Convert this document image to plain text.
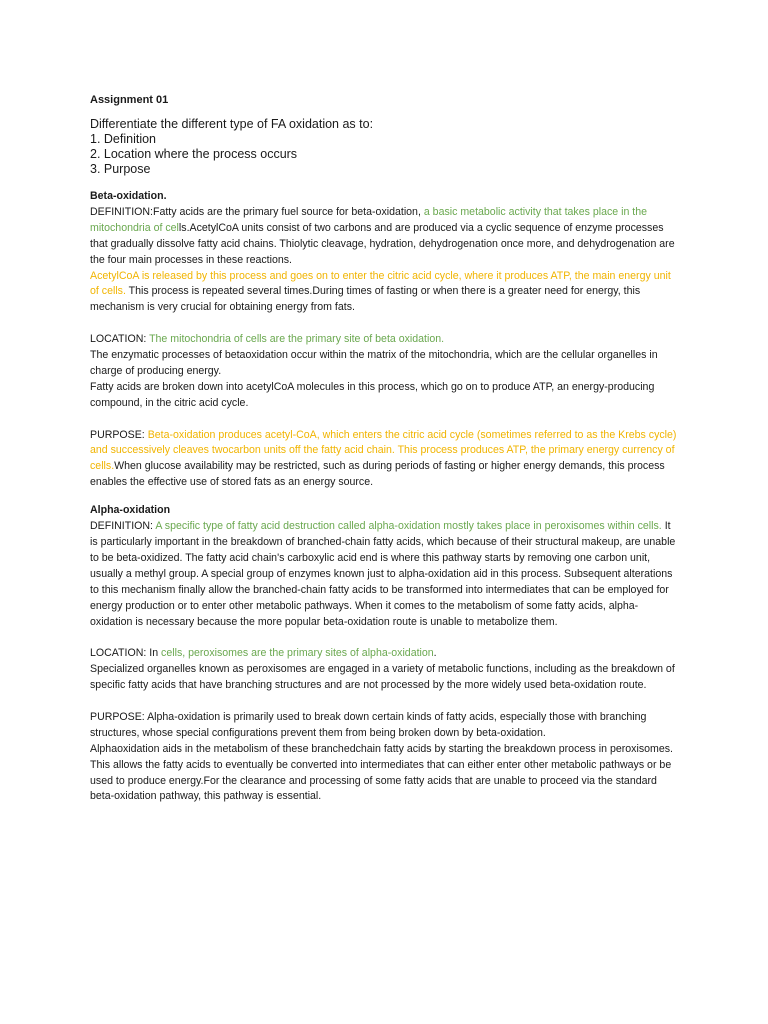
Assignment 01
Differentiate the different type of FA oxidation as to:
1. Definition
2. Location where the process occurs
3. Purpose
Beta-oxidation.
DEFINITION:Fatty acids are the primary fuel source for beta-oxidation, a basic metabolic activity that takes place in the mitochondria of cells.AcetylCoA units consist of two carbons and are produced via a cyclic sequence of enzyme processes that gradually dissolve fatty acid chains. Thiolytic cleavage, hydration, dehydrogenation once more, and dehydrogenation are the four main processes in these reactions.
AcetylCoA is released by this process and goes on to enter the citric acid cycle, where it produces ATP, the main energy unit of cells. This process is repeated several times.During times of fasting or when there is a greater need for energy, this mechanism is very crucial for obtaining energy from fats.
LOCATION: The mitochondria of cells are the primary site of beta oxidation.
The enzymatic processes of betaoxidation occur within the matrix of the mitochondria, which are the cellular organelles in charge of producing energy.
Fatty acids are broken down into acetylCoA molecules in this process, which go on to produce ATP, an energy-producing compound, in the citric acid cycle.
PURPOSE: Beta-oxidation produces acetyl-CoA, which enters the citric acid cycle (sometimes referred to as the Krebs cycle) and successively cleaves twocarbon units off the fatty acid chain. This process produces ATP, the primary energy currency of cells.When glucose availability may be restricted, such as during periods of fasting or higher energy demands, this process enables the effective use of stored fats as an energy source.
Alpha-oxidation
DEFINITION: A specific type of fatty acid destruction called alpha-oxidation mostly takes place in peroxisomes within cells. It is particularly important in the breakdown of branched-chain fatty acids, which because of their structural makeup, are unable to be beta-oxidized. The fatty acid chain's carboxylic acid end is where this pathway starts by removing one carbon unit, usually a methyl group. A special group of enzymes known just to alpha-oxidation aid in this process. Subsequent alterations to this mechanism finally allow the branched-chain fatty acids to be transformed into intermediates that can be employed for energy production or to enter other metabolic pathways. When it comes to the metabolism of some fatty acids, alpha-oxidation is necessary because the more popular beta-oxidation route is unable to metabolize them.
LOCATION: In cells, peroxisomes are the primary sites of alpha-oxidation.
Specialized organelles known as peroxisomes are engaged in a variety of metabolic functions, including as the breakdown of specific fatty acids that have branching structures and are not processed by the more widely used beta-oxidation route.
PURPOSE: Alpha-oxidation is primarily used to break down certain kinds of fatty acids, especially those with branching structures, whose special configurations prevent them from being broken down by beta-oxidation.
Alphaoxidation aids in the metabolism of these branchedchain fatty acids by starting the breakdown process in peroxisomes. This allows the fatty acids to eventually be converted into intermediates that can either enter other metabolic pathways or be used to produce energy.For the clearance and processing of some fatty acids that are unable to proceed via the standard beta-oxidation pathway, this pathway is essential.
